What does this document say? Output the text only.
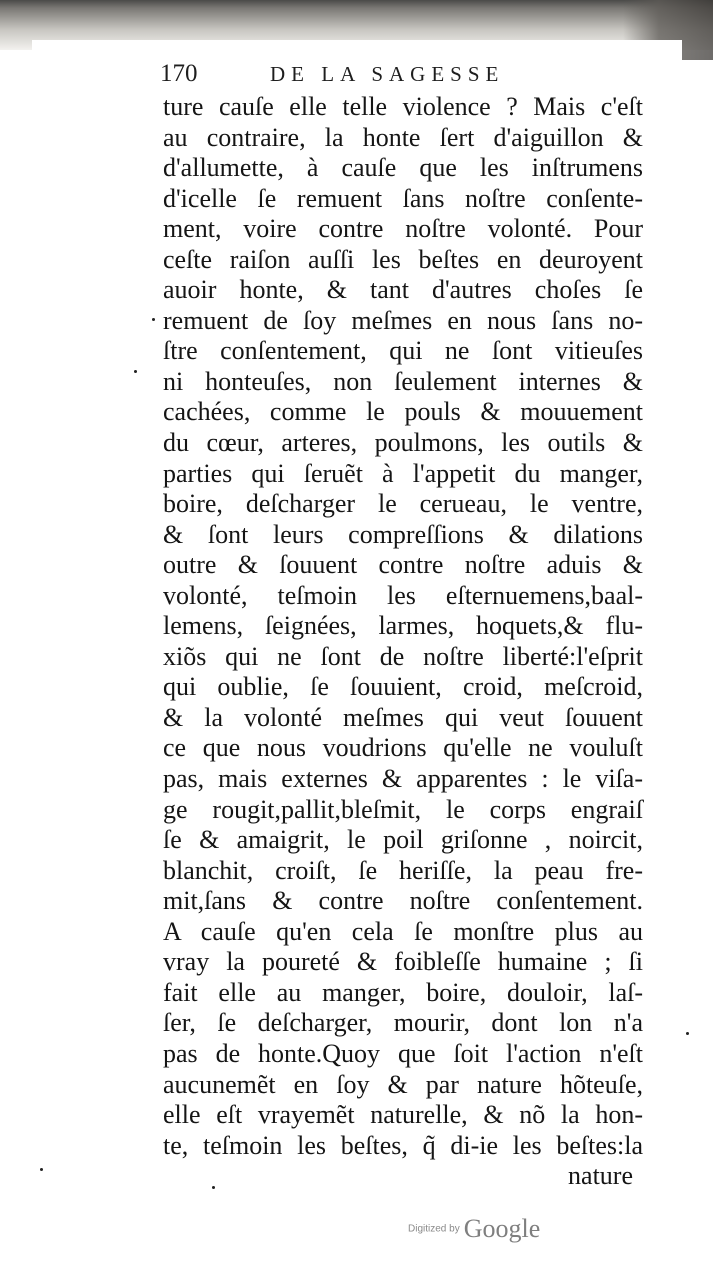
170	DE LA SAGESSE
ture cauſe elle telle violence ? Mais c'eſt
au contraire, la honte ſert d'aiguillon &
d'allumette, à cauſe que les inſtrumens
d'icelle ſe remuent ſans noſtre conſente-
ment, voire contre noſtre volonté. Pour
ceſte raiſon auſſi les beſtes en deuroyent
auoir honte, & tant d'autres choſes ſe
remuent de ſoy meſmes en nous ſans no-
ſtre conſentement, qui ne ſont vitieuſes
ni honteuſes, non ſeulement internes &
cachées, comme le pouls & mouuement
du cœur, arteres, poulmons, les outils &
parties qui ſeruẽt à l'appetit du manger,
boire, deſcharger le cerueau, le ventre,
& ſont leurs compreſſions & dilations
outre & ſouuent contre noſtre aduis &
volonté, teſmoin les eſternuemens,baal-
lemens, ſeignées, larmes, hoquets,& flu-
xiõs qui ne ſont de noſtre liberté:l'eſprit
qui oublie, ſe ſouuient, croid, meſcroid,
& la volonté meſmes qui veut ſouuent
ce que nous voudrions qu'elle ne vouluſt
pas, mais externes & apparentes : le viſa-
ge rougit,pallit,bleſmit, le corps engraiſ
ſe & amaigrit, le poil griſonne , noircit,
blanchit, croiſt, ſe heriſſe, la peau fre-
mit,ſans & contre noſtre conſentement.
A cauſe qu'en cela ſe monſtre plus au
vray la poureté & foibleſſe humaine ; ſi
fait elle au manger, boire, douloir, laſ-
ſer, ſe deſcharger, mourir, dont lon n'a
pas de honte.Quoy que ſoit l'action n'eſt
aucunemẽt en ſoy & par nature hõteuſe,
elle eſt vrayemẽt naturelle, & nõ la hon-
te, teſmoin les beſtes, q̃ di-ie les beſtes:la
nature
Digitized by Google
